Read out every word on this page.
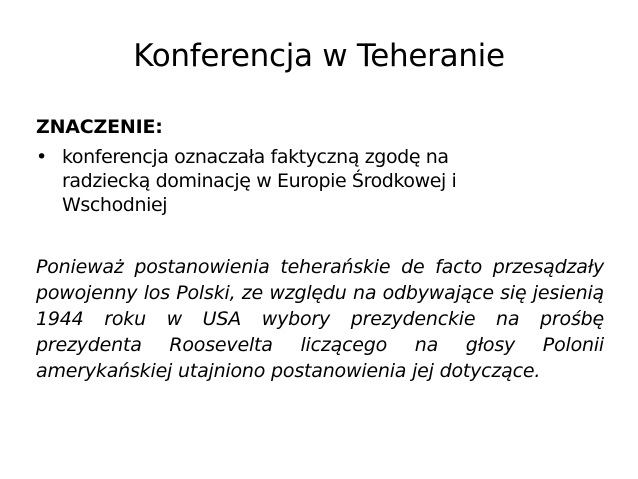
Konferencja w Teheranie
ZNACZENIE:
• konferencja oznaczała faktyczną zgodę na radziecką dominację w Europie Środkowej i Wschodniej

Ponieważ postanowienia teherańskie de facto przesądzały powojenny los Polski, ze względu na odbywające się jesienią 1944 roku w USA wybory prezydenckie na prośbę prezydenta Roosevelta liczącego na głosy Polonii amerykańskiej utajniono postanowienia jej dotyczące.
